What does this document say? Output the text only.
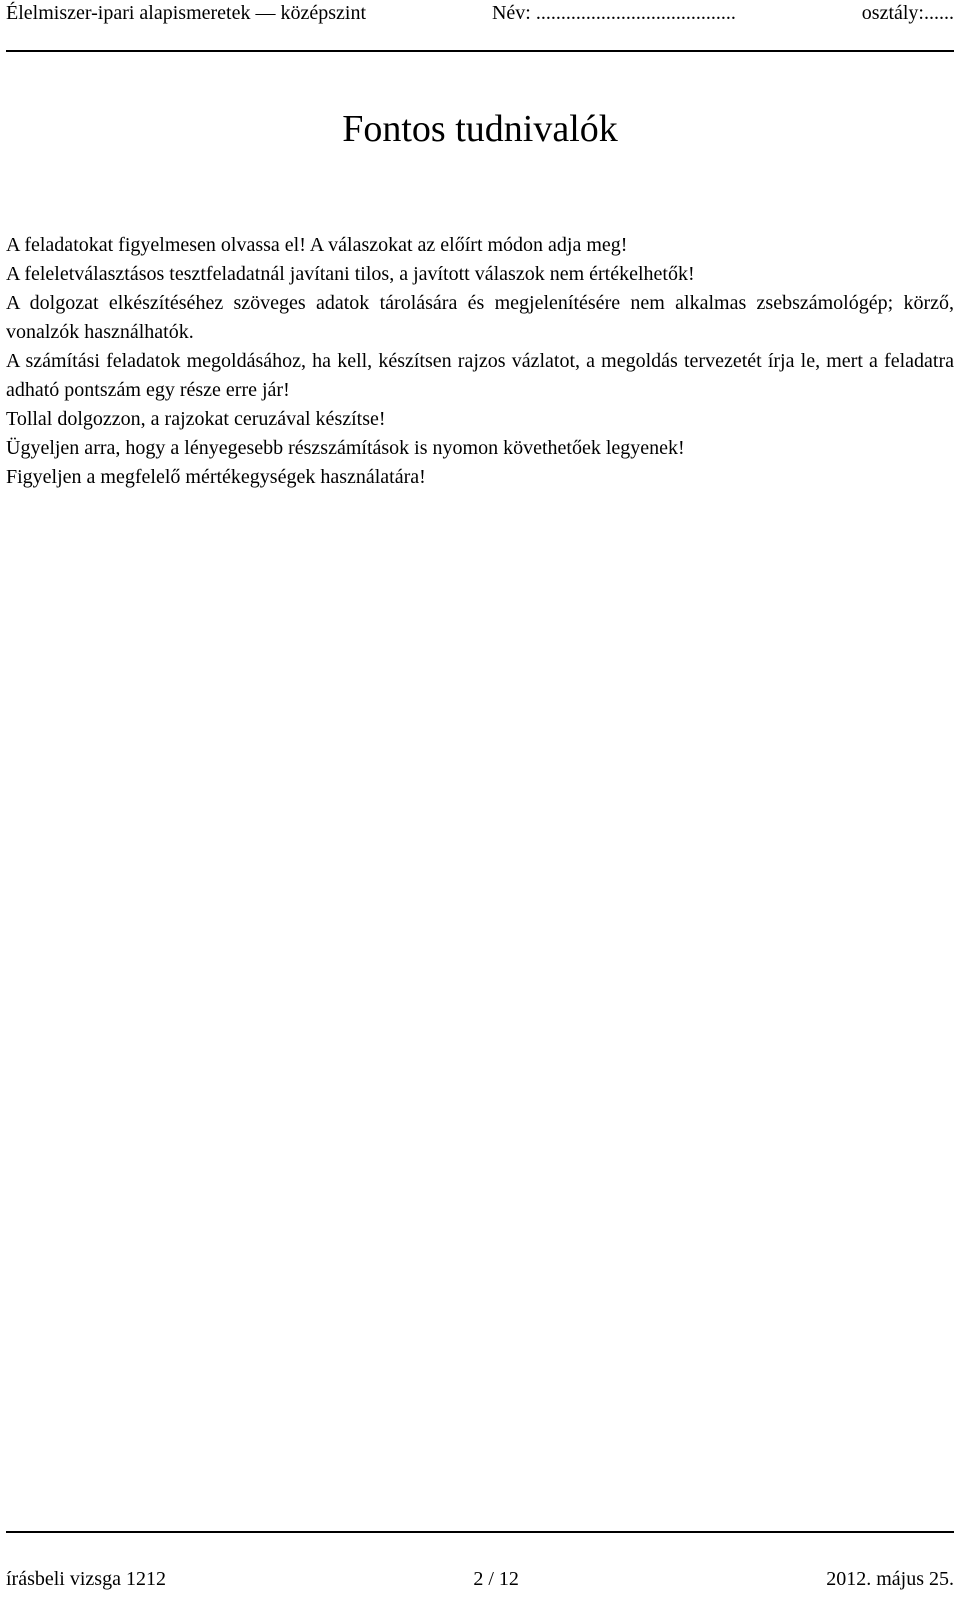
Élelmiszer-ipari alapismeretek — középszint	Név: ........................................	osztály:......
Fontos tudnivalók

A feladatokat figyelmesen olvassa el! A válaszokat az előírt módon adja meg!

A feleletválasztásos tesztfeladatnál javítani tilos, a javított válaszok nem értékelhetők!

A dolgozat elkészítéséhez szöveges adatok tárolására és megjelenítésére nem alkalmas zsebszámológép; körző, vonalzók használhatók.

A számítási feladatok megoldásához, ha kell, készítsen rajzos vázlatot, a megoldás tervezetét írja le, mert a feladatra adható pontszám egy része erre jár!

Tollal dolgozzon, a rajzokat ceruzával készítse!

Ügyeljen arra, hogy a lényegesebb részszámítások is nyomon követhetőek legyenek!

Figyeljen a megfelelő mértékegységek használatára!

írásbeli vizsga 1212	2 / 12	2012. május 25.
